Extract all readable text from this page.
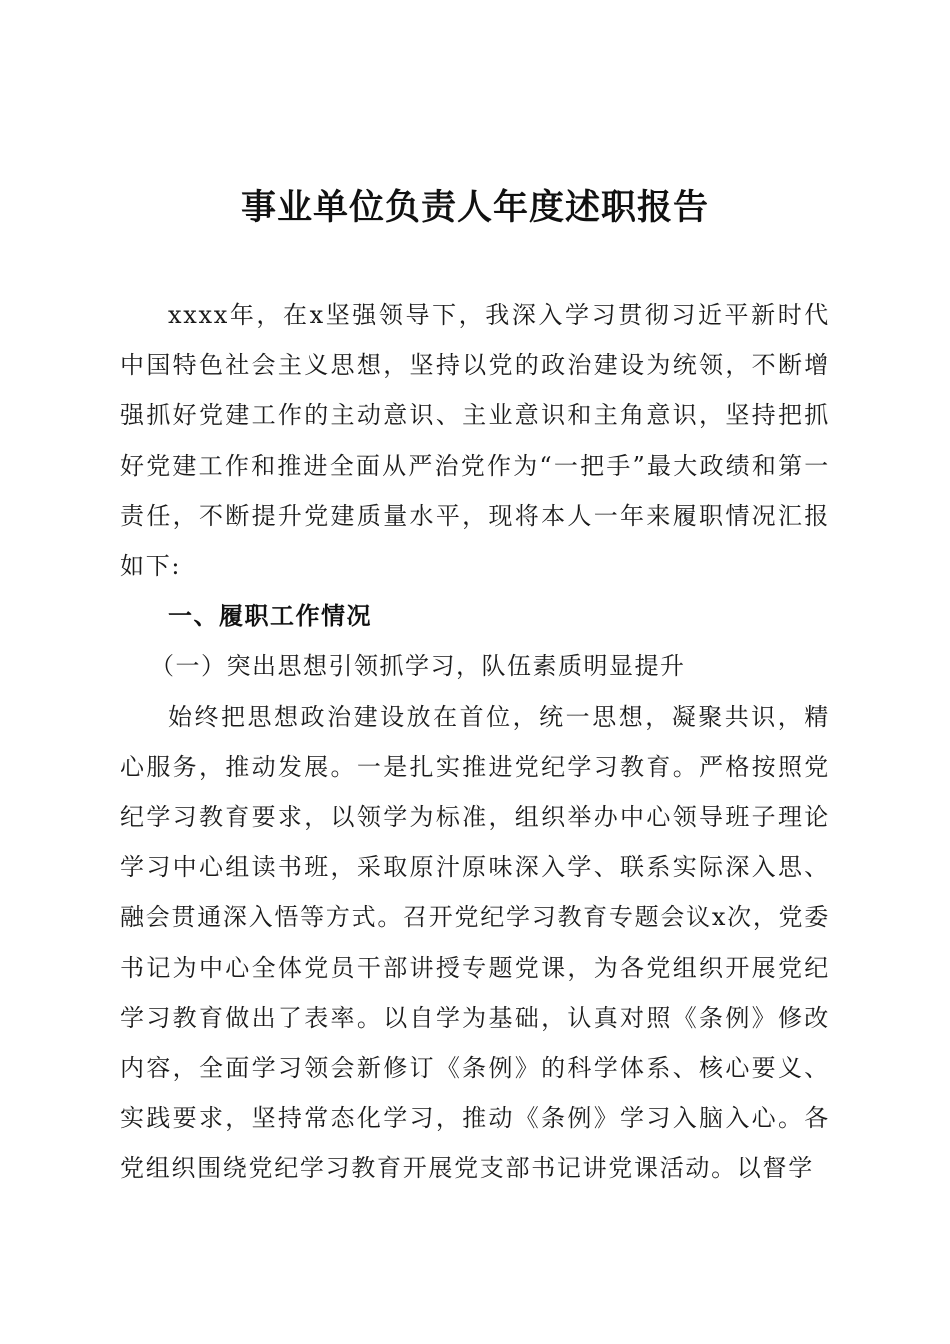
事业单位负责人年度述职报告

xxxx年，在x坚强领导下，我深入学习贯彻习近平新时代中国特色社会主义思想，坚持以党的政治建设为统领，不断增强抓好党建工作的主动意识、主业意识和主角意识，坚持把抓好党建工作和推进全面从严治党作为“一把手”最大政绩和第一责任，不断提升党建质量水平，现将本人一年来履职情况汇报如下:

一、履职工作情况

（一）突出思想引领抓学习，队伍素质明显提升

始终把思想政治建设放在首位，统一思想，凝聚共识，精心服务，推动发展。一是扎实推进党纪学习教育。严格按照党纪学习教育要求，以领学为标准，组织举办中心领导班子理论学习中心组读书班，采取原汁原味深入学、联系实际深入思、融会贯通深入悟等方式。召开党纪学习教育专题会议x次，党委书记为中心全体党员干部讲授专题党课，为各党组织开展党纪学习教育做出了表率。以自学为基础，认真对照《条例》修改内容，全面学习领会新修订《条例》的科学体系、核心要义、实践要求，坚持常态化学习，推动《条例》学习入脑入心。各党组织围绕党纪学习教育开展党支部书记讲党课活动。以督学
